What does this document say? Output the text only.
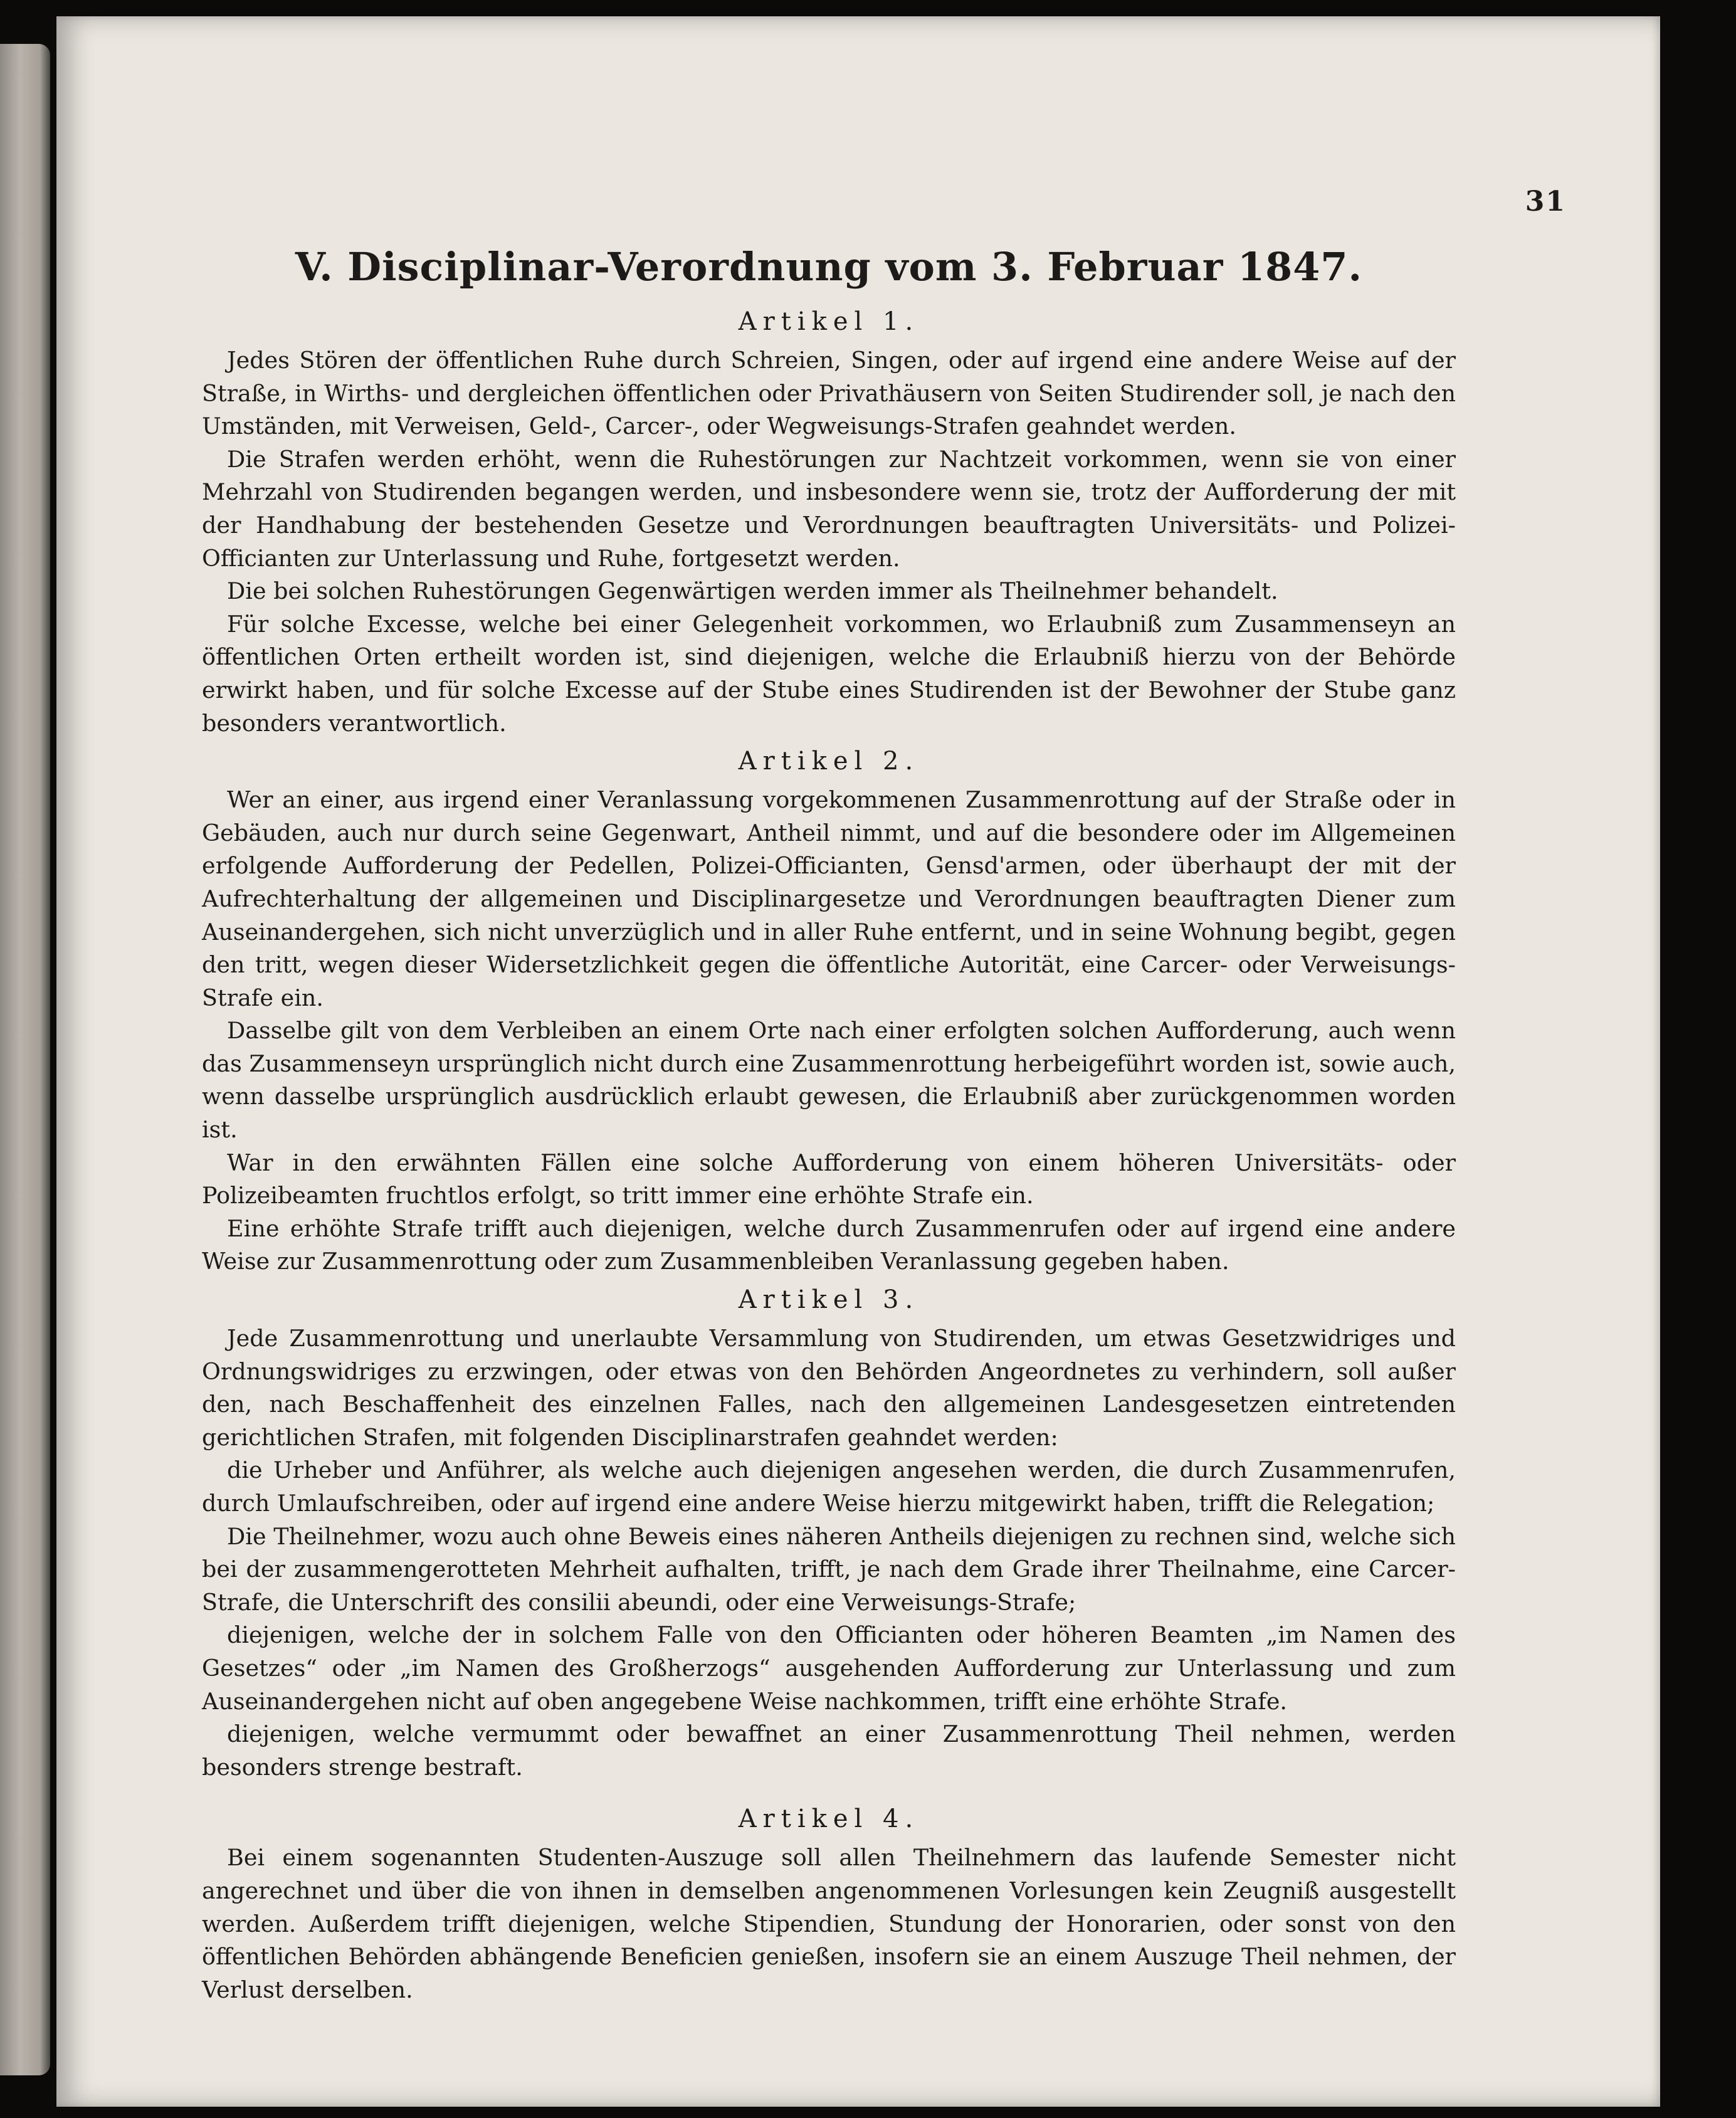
31
V. Disciplinar-Verordnung vom 3. Februar 1847.
Artikel 1.

Jedes Stören der öffentlichen Ruhe durch Schreien, Singen, oder auf irgend eine andere Weise auf der Straße, in Wirths- und dergleichen öffentlichen oder Privathäusern von Seiten Studirender soll, je nach den Umständen, mit Verweisen, Geld-, Carcer-, oder Wegweisungs-Strafen geahndet werden.

Die Strafen werden erhöht, wenn die Ruhestörungen zur Nachtzeit vorkommen, wenn sie von einer Mehrzahl von Studirenden begangen werden, und insbesondere wenn sie, trotz der Aufforderung der mit der Handhabung der bestehenden Gesetze und Verordnungen beauftragten Universitäts- und Polizei-Officianten zur Unterlassung und Ruhe, fortgesetzt werden.

Die bei solchen Ruhestörungen Gegenwärtigen werden immer als Theilnehmer behandelt.

Für solche Excesse, welche bei einer Gelegenheit vorkommen, wo Erlaubniß zum Zusammenseyn an öffentlichen Orten ertheilt worden ist, sind diejenigen, welche die Erlaubniß hierzu von der Behörde erwirkt haben, und für solche Excesse auf der Stube eines Studirenden ist der Bewohner der Stube ganz besonders verantwortlich.

Artikel 2.

Wer an einer, aus irgend einer Veranlassung vorgekommenen Zusammenrottung auf der Straße oder in Gebäuden, auch nur durch seine Gegenwart, Antheil nimmt, und auf die besondere oder im Allgemeinen erfolgende Aufforderung der Pedellen, Polizei-Officianten, Gensd'armen, oder überhaupt der mit der Aufrechterhaltung der allgemeinen und Disciplinargesetze und Verordnungen beauftragten Diener zum Auseinandergehen, sich nicht unverzüglich und in aller Ruhe entfernt, und in seine Wohnung begibt, gegen den tritt, wegen dieser Widersetzlichkeit gegen die öffentliche Autorität, eine Carcer- oder Verweisungs-Strafe ein.

Dasselbe gilt von dem Verbleiben an einem Orte nach einer erfolgten solchen Aufforderung, auch wenn das Zusammenseyn ursprünglich nicht durch eine Zusammenrottung herbeigeführt worden ist, sowie auch, wenn dasselbe ursprünglich ausdrücklich erlaubt gewesen, die Erlaubniß aber zurückgenommen worden ist.

War in den erwähnten Fällen eine solche Aufforderung von einem höheren Universitäts- oder Polizeibeamten fruchtlos erfolgt, so tritt immer eine erhöhte Strafe ein.

Eine erhöhte Strafe trifft auch diejenigen, welche durch Zusammenrufen oder auf irgend eine andere Weise zur Zusammenrottung oder zum Zusammenbleiben Veranlassung gegeben haben.

Artikel 3.

Jede Zusammenrottung und unerlaubte Versammlung von Studirenden, um etwas Gesetzwidriges und Ordnungswidriges zu erzwingen, oder etwas von den Behörden Angeordnetes zu verhindern, soll außer den, nach Beschaffenheit des einzelnen Falles, nach den allgemeinen Landesgesetzen eintretenden gerichtlichen Strafen, mit folgenden Disciplinarstrafen geahndet werden:

die Urheber und Anführer, als welche auch diejenigen angesehen werden, die durch Zusammenrufen, durch Umlaufschreiben, oder auf irgend eine andere Weise hierzu mitgewirkt haben, trifft die Relegation;

Die Theilnehmer, wozu auch ohne Beweis eines näheren Antheils diejenigen zu rechnen sind, welche sich bei der zusammengerotteten Mehrheit aufhalten, trifft, je nach dem Grade ihrer Theilnahme, eine Carcer-Strafe, die Unterschrift des consilii abeundi, oder eine Verweisungs-Strafe;

diejenigen, welche der in solchem Falle von den Officianten oder höheren Beamten „im Namen des Gesetzes“ oder „im Namen des Großherzogs“ ausgehenden Aufforderung zur Unterlassung und zum Auseinandergehen nicht auf oben angegebene Weise nachkommen, trifft eine erhöhte Strafe.

diejenigen, welche vermummt oder bewaffnet an einer Zusammenrottung Theil nehmen, werden besonders strenge bestraft.

Artikel 4.

Bei einem sogenannten Studenten-Auszuge soll allen Theilnehmern das laufende Semester nicht angerechnet und über die von ihnen in demselben angenommenen Vorlesungen kein Zeugniß ausgestellt werden. Außerdem trifft diejenigen, welche Stipendien, Stundung der Honorarien, oder sonst von den öffentlichen Behörden abhängende Beneficien genießen, insofern sie an einem Auszuge Theil nehmen, der Verlust derselben.
